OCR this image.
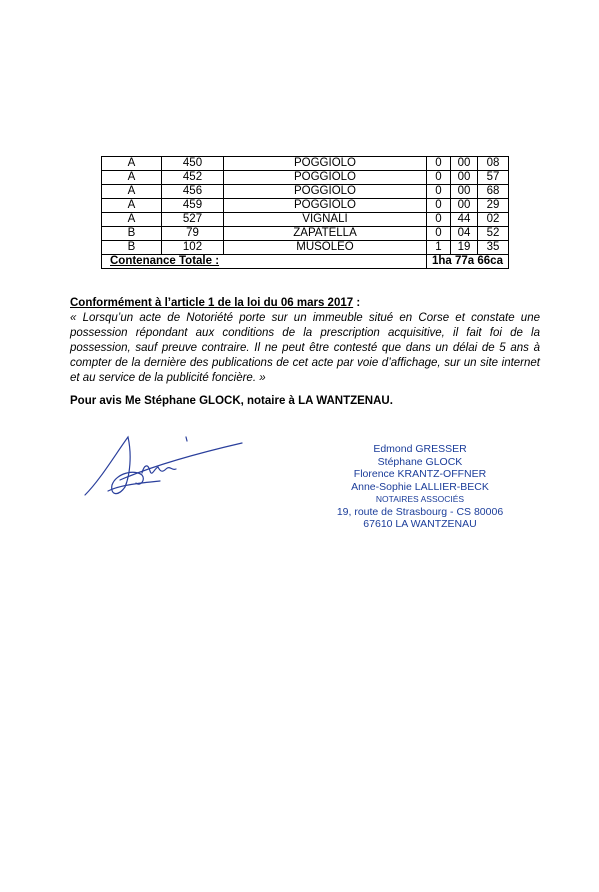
A	450	POGGIOLO	0	00	08
A	452	POGGIOLO	0	00	57
A	456	POGGIOLO	0	00	68
A	459	POGGIOLO	0	00	29
A	527	VIGNALI	0	44	02
B	79	ZAPATELLA	0	04	52
B	102	MUSOLEO	1	19	35
Contenance Totale :			1ha 77a 66ca		
Conformément à l’article 1 de la loi du 06 mars 2017 :

« Lorsqu’un acte de Notoriété porte sur un immeuble situé en Corse et constate une possession répondant aux conditions de la prescription acquisitive, il fait foi de la possession, sauf preuve contraire. Il ne peut être contesté que dans un délai de 5 ans à compter de la dernière des publications de cet acte par voie d’affichage, sur un site internet et au service de la publicité foncière. »

Pour avis Me Stéphane GLOCK, notaire à LA WANTZENAU.
Edmond GRESSER
Stéphane GLOCK
Florence KRANTZ-OFFNER
Anne-Sophie LALLIER-BECK
NOTAIRES ASSOCIÉS
19, route de Strasbourg - CS 80006
67610 LA WANTZENAU
